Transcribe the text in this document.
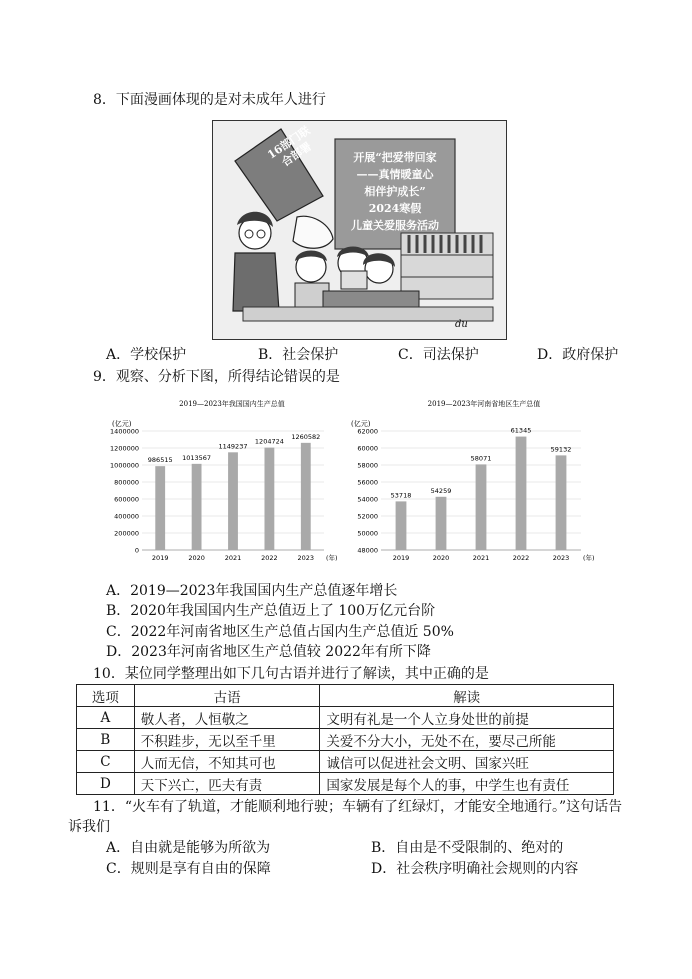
8．下面漫画体现的是对未成年人进行
16部门联合部署	开展“把爱带回家
——真情暖童心
相伴护成长”
2024寒假
儿童关爱服务活动
du
A．学校保护	B．社会保护	C．司法保护	D．政府保护
9．观察、分析下图，所得结论错误的是
2019—2023年我国国内生产总值
(亿元)
0
200000
400000
600000
800000
1000000
1200000
1400000
986515
2019
1013567
2020
1149237
2021
1204724
2022
1260582
2023 (年)
2019—2023年河南省地区生产总值
(亿元)
48000
50000
52000
54000
56000
58000
60000
62000
53718
2019
54259
2020
58071
2021
61345
2022
59132
2023 (年)
A．2019—2023年我国国内生产总值逐年增长
B．2020年我国国内生产总值迈上了 100万亿元台阶
C．2022年河南省地区生产总值占国内生产总值近 50%
D．2023年河南省地区生产总值较 2022年有所下降
10．某位同学整理出如下几句古语并进行了解读，其中正确的是
选项	古语	解读
A	敬人者，人恒敬之	文明有礼是一个人立身处世的前提
B	不积跬步，无以至千里	关爱不分大小，无处不在，要尽己所能
C	人而无信，不知其可也	诚信可以促进社会文明、国家兴旺
D	天下兴亡，匹夫有责	国家发展是每个人的事，中学生也有责任
11．“火车有了轨道，才能顺利地行驶；车辆有了红绿灯，才能安全地通行。”这句话告
诉我们
A．自由就是能够为所欲为	B．自由是不受限制的、绝对的
C．规则是享有自由的保障	D．社会秩序明确社会规则的内容
